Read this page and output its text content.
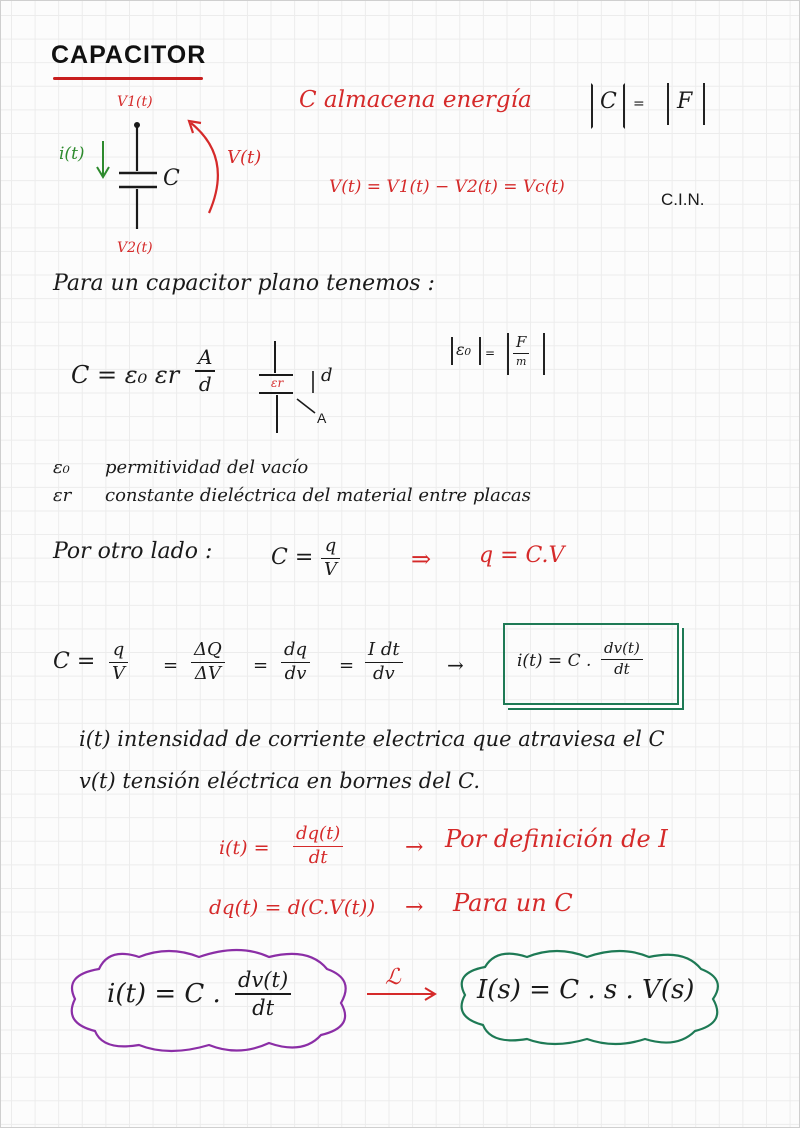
CAPACITOR
V1(t)
V2(t)
i(t)
C
V(t)
C almacena energía	C = F
V(t) = V1(t) − V2(t) = Vc(t)
C.I.N.
Para un capacitor plano tenemos :
C = ε₀ εr
A
d	εr d
A
ε₀ =
F
m
ε₀ permitividad del vacío
εr constante dieléctrica del material entre placas
Por otro lado :	C = q
V	⇒ q = C.V
C = q
V =
ΔQ
ΔV =
dq
dv =
I dt
dv	→	i(t) = C .
dv(t)
dt
i(t) intensidad de corriente electrica que atraviesa el C
v(t) tensión eléctrica en bornes del C.
i(t) =
dq(t)
dt	→ Por definición de I
dq(t) = d(C.V(t)) → Para un C
i(t) = C . dv(t)
dt
ℒ	I(s) = C . s . V(s)
